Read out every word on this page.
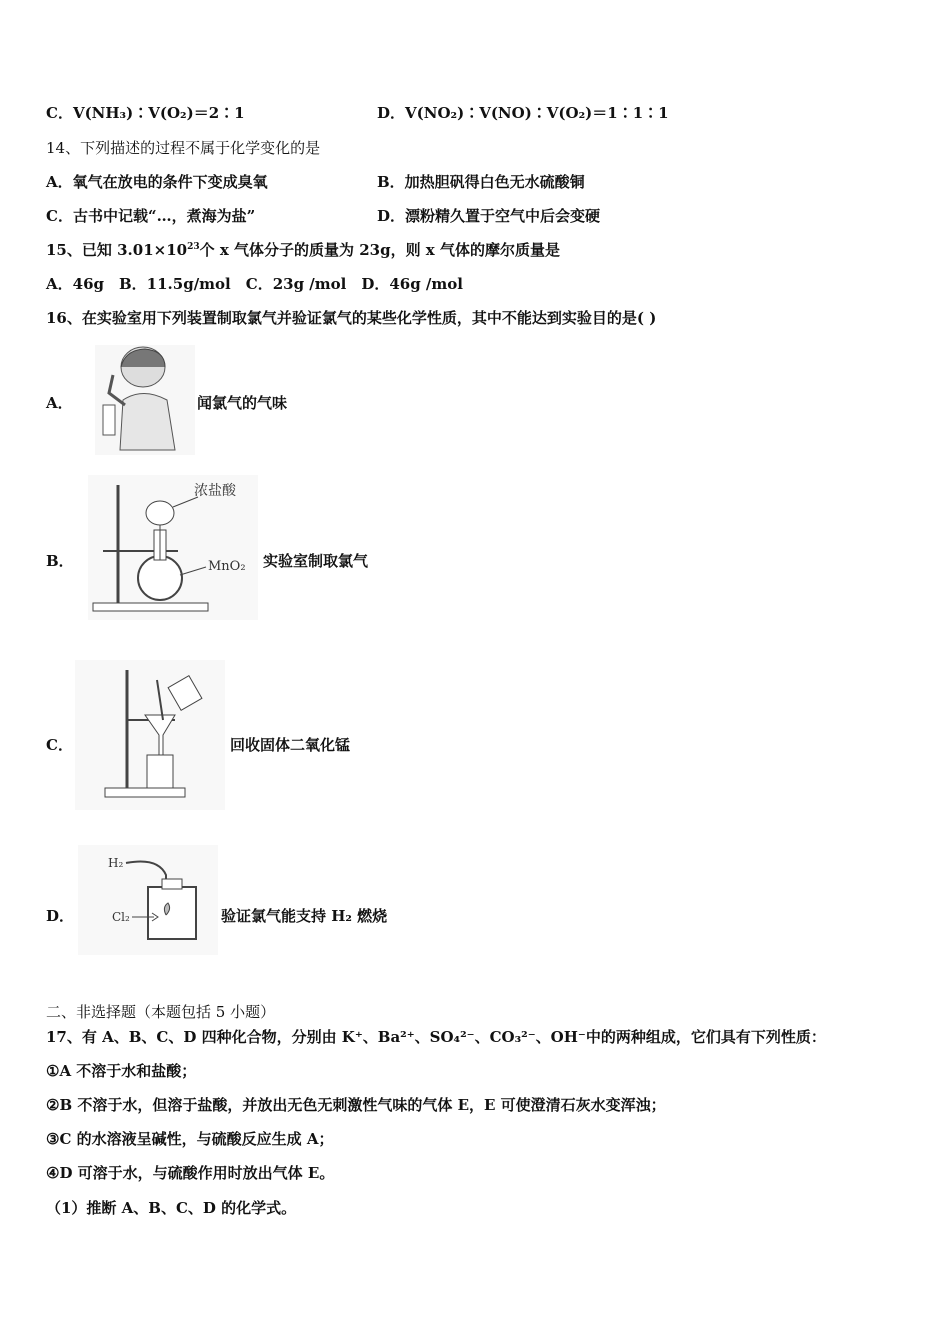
C．V(NH₃)∶V(O₂)＝2∶1	D．V(NO₂)∶V(NO)∶V(O₂)＝1∶1∶1
14、下列描述的过程不属于化学变化的是
A．氧气在放电的条件下变成臭氧	B．加热胆矾得白色无水硫酸铜
C．古书中记载“…，煮海为盐”	D．漂粉精久置于空气中后会变硬
15、已知 $3.01\times 10^{23}$个 x 气体分子的质量为 23g，则 x 气体的摩尔质量是
A．46g　B．11.5g/mol　C．23g /mol　D．46g /mol
16、在实验室用下列装置制取氯气并验证氯气的某些化学性质，其中不能达到实验目的是( )
A．	闻氯气的气味
B．
浓盐酸
MnO₂ 实验室制取氯气
C．	回收固体二氧化锰
D．
H₂
Cl₂	验证氯气能支持 H₂ 燃烧
二、非选择题（本题包括 5 小题）
17、有 A、B、C、D 四种化合物，分别由 K⁺、Ba²⁺、SO₄²⁻、CO₃²⁻、OH⁻中的两种组成，它们具有下列性质：
①A 不溶于水和盐酸；
②B 不溶于水，但溶于盐酸，并放出无色无刺激性气味的气体 E，E 可使澄清石灰水变浑浊；
③C 的水溶液呈碱性，与硫酸反应生成 A；
④D 可溶于水，与硫酸作用时放出气体 E。
（1）推断 A、B、C、D 的化学式。
